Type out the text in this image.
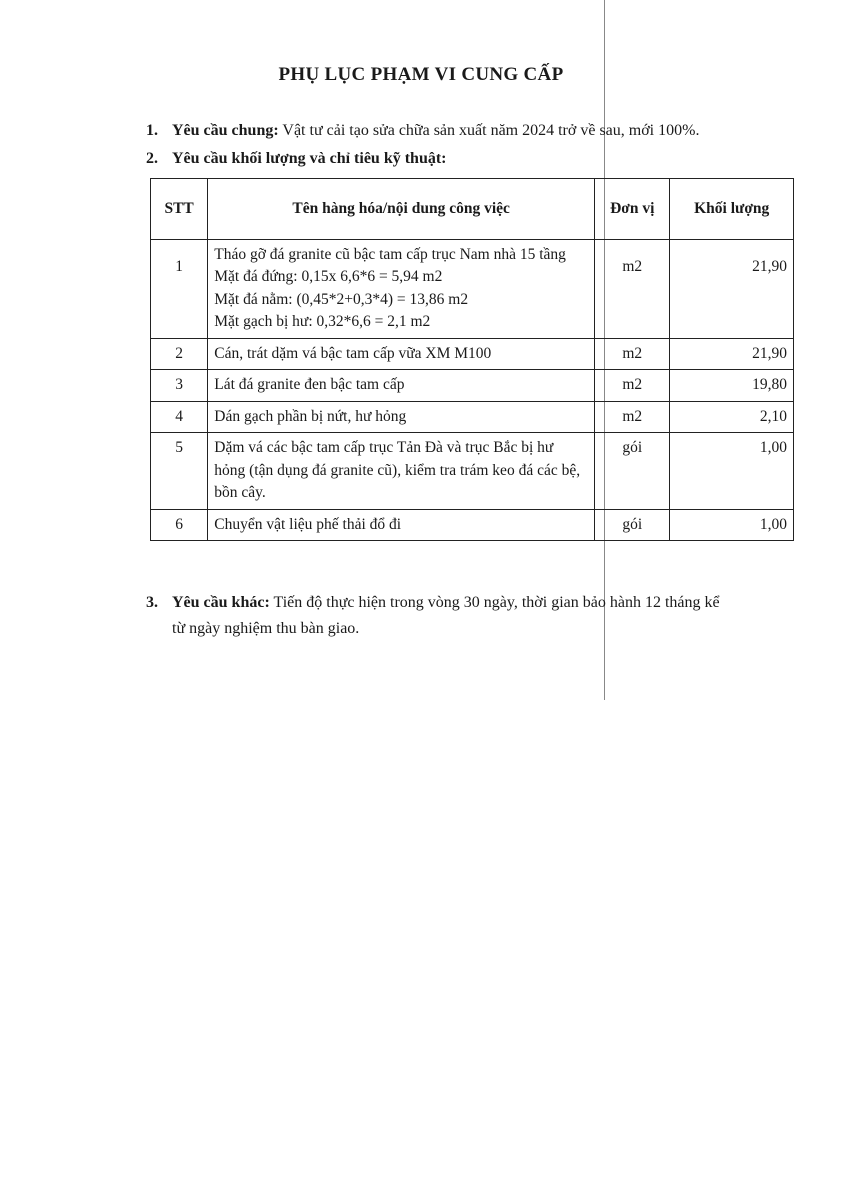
PHỤ LỤC PHẠM VI CUNG CẤP
1. Yêu cầu chung: Vật tư cải tạo sửa chữa sản xuất năm 2024 trở về sau, mới 100%.
2. Yêu cầu khối lượng và chỉ tiêu kỹ thuật:
STT	Tên hàng hóa/nội dung công việc	Đơn vị	Khối lượng
1	Tháo gỡ đá granite cũ bậc tam cấp trục Nam nhà 15 tầng
Mặt đá đứng: 0,15x 6,6*6 = 5,94 m2
Mặt đá nằm: (0,45*2+0,3*4) = 13,86 m2
Mặt gạch bị hư: 0,32*6,6 = 2,1 m2	m2	21,90
2	Cán, trát dặm vá bậc tam cấp vữa XM M100	m2	21,90
3	Lát đá granite đen bậc tam cấp	m2	19,80
4	Dán gạch phần bị nứt, hư hỏng	m2	2,10
5	Dặm vá các bậc tam cấp trục Tản Đà và trục Bắc bị hư hỏng (tận dụng đá granite cũ), kiểm tra trám keo đá các bệ, bồn cây.	gói	1,00
6	Chuyển vật liệu phế thải đổ đi	gói	1,00
3. Yêu cầu khác: Tiến độ thực hiện trong vòng 30 ngày, thời gian bảo hành 12 tháng kể
từ ngày nghiệm thu bàn giao.
